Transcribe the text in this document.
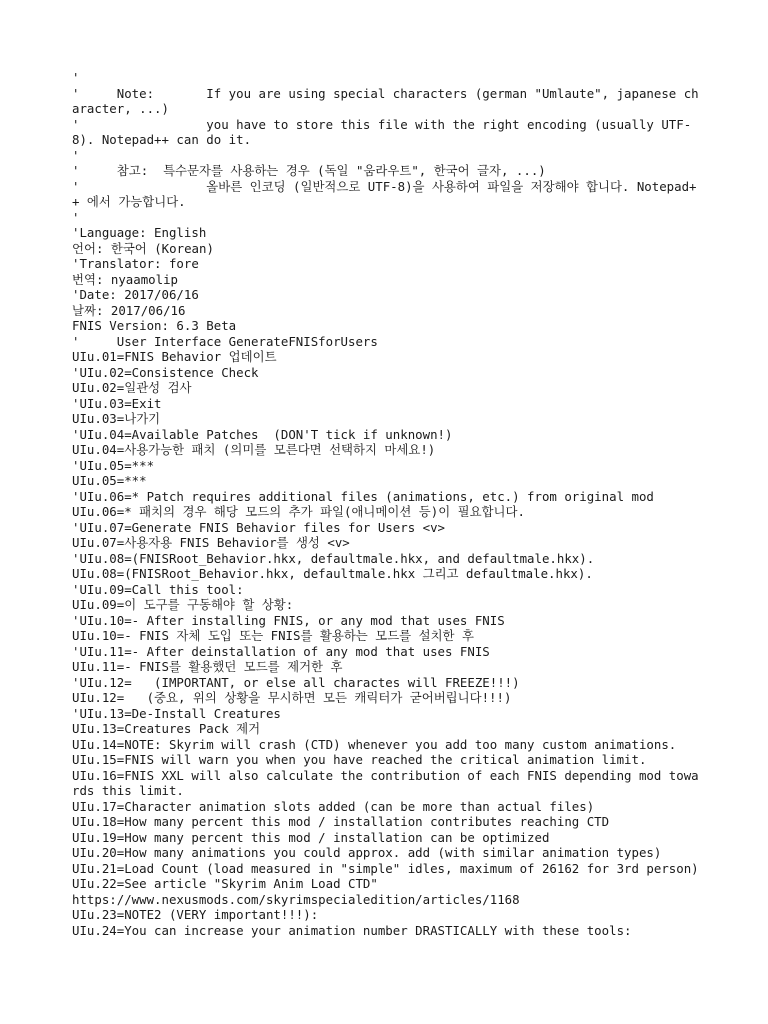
'
'     Note:       If you are using special characters (german "Umlaute", japanese character, ...)
'                 you have to store this file with the right encoding (usually UTF-8). Notepad++ can do it.
'
'     참고:  특수문자를 사용하는 경우 (독일 "움라우트", 한국어 글자, ...)
'                 올바른 인코딩 (일반적으로 UTF-8)을 사용하여 파일을 저장해야 합니다. Notepad++ 에서 가능합니다.
'
'Language: English
언어: 한국어 (Korean)
'Translator: fore
번역: nyaamolip
'Date: 2017/06/16
날짜: 2017/06/16
FNIS Version: 6.3 Beta
'     User Interface GenerateFNISforUsers
UIu.01=FNIS Behavior 업데이트
'UIu.02=Consistence Check
UIu.02=일관성 검사
'UIu.03=Exit
UIu.03=나가기
'UIu.04=Available Patches  (DON'T tick if unknown!)
UIu.04=사용가능한 패치 (의미를 모른다면 선택하지 마세요!)
'UIu.05=***
UIu.05=***
'UIu.06=* Patch requires additional files (animations, etc.) from original mod
UIu.06=* 패치의 경우 해당 모드의 추가 파일(애니메이션 등)이 필요합니다.
'UIu.07=Generate FNIS Behavior files for Users <v>
UIu.07=사용자용 FNIS Behavior를 생성 <v>
'UIu.08=(FNISRoot_Behavior.hkx, defaultmale.hkx, and defaultmale.hkx).
UIu.08=(FNISRoot_Behavior.hkx, defaultmale.hkx 그리고 defaultmale.hkx).
'UIu.09=Call this tool:
UIu.09=이 도구를 구동해야 할 상황:
'UIu.10=- After installing FNIS, or any mod that uses FNIS
UIu.10=- FNIS 자체 도입 또는 FNIS를 활용하는 모드를 설치한 후
'UIu.11=- After deinstallation of any mod that uses FNIS
UIu.11=- FNIS를 활용했던 모드를 제거한 후
'UIu.12=   (IMPORTANT, or else all charactes will FREEZE!!!)
UIu.12=   (중요, 위의 상황을 무시하면 모든 캐릭터가 굳어버립니다!!!)
'UIu.13=De-Install Creatures
UIu.13=Creatures Pack 제거
UIu.14=NOTE: Skyrim will crash (CTD) whenever you add too many custom animations.
UIu.15=FNIS will warn you when you have reached the critical animation limit.
UIu.16=FNIS XXL will also calculate the contribution of each FNIS depending mod towards this limit.
UIu.17=Character animation slots added (can be more than actual files)
UIu.18=How many percent this mod / installation contributes reaching CTD
UIu.19=How many percent this mod / installation can be optimized
UIu.20=How many animations you could approx. add (with similar animation types)
UIu.21=Load Count (load measured in "simple" idles, maximum of 26162 for 3rd person)
UIu.22=See article "Skyrim Anim Load CTD"
https://www.nexusmods.com/skyrimspecialedition/articles/1168
UIu.23=NOTE2 (VERY important!!!):
UIu.24=You can increase your animation number DRASTICALLY with these tools:
